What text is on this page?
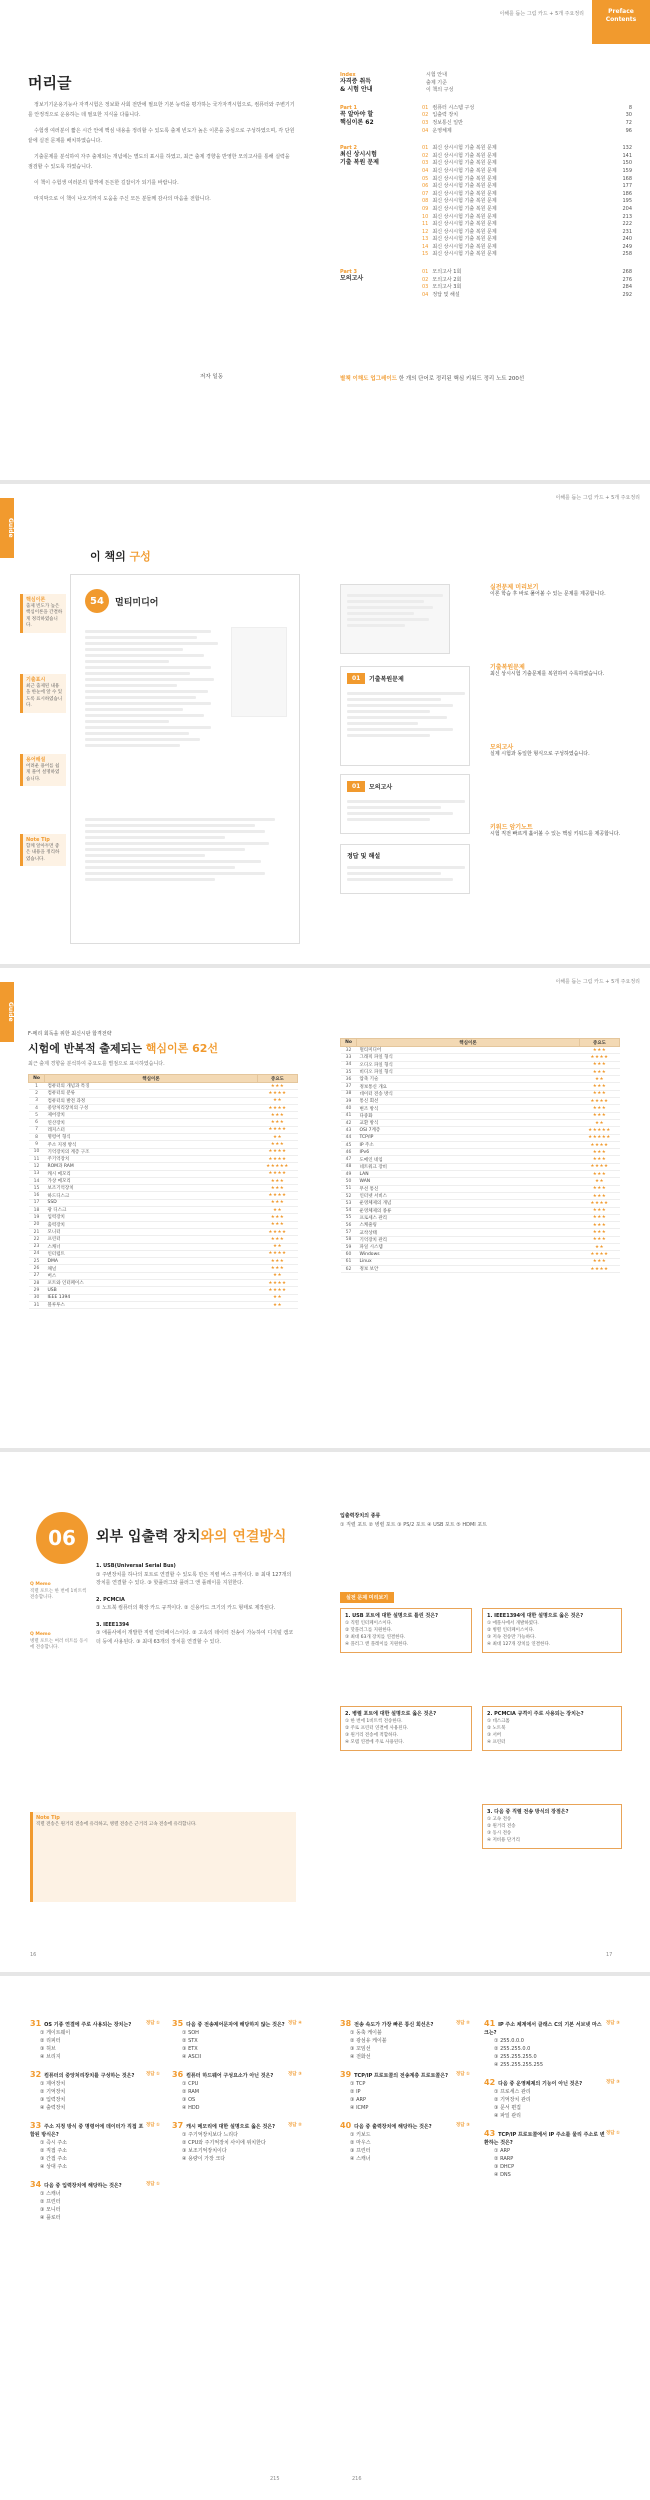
이해를 돕는 그림 카드 + 5개 주요정리	Preface
Contents
머리글

정보기기운용기능사 자격시험은 정보화 사회 전반에 필요한 기본 능력을 평가하는 국가자격시험으로, 컴퓨터와 주변기기를 안정적으로 운용하는 데 필요한 지식을 다룹니다.

수험생 여러분이 짧은 시간 안에 핵심 내용을 정리할 수 있도록 출제 빈도가 높은 이론을 중심으로 구성하였으며, 각 단원 끝에 실전 문제를 배치하였습니다.

기출문제를 분석하여 자주 출제되는 개념에는 별도의 표시를 하였고, 최근 출제 경향을 반영한 모의고사를 통해 실력을 점검할 수 있도록 하였습니다.

이 책이 수험생 여러분의 합격에 든든한 길잡이가 되기를 바랍니다.

마지막으로 이 책이 나오기까지 도움을 주신 모든 분들께 감사의 마음을 전합니다.

저자 일동
Index
자격증 취득
& 시험 안내
시험 안내
출제 기준
이 책의 구성
Part 1
꼭 알아야 할
핵심이론 62
01 컴퓨터 시스템 구성	8
02 입출력 장치	30
03 정보통신 일반	72
04 운영체제	96
Part 2
최신 상시시험
기출 복원 문제
01 최신 상시시험 기출 복원 문제	132
02 최신 상시시험 기출 복원 문제	141
03 최신 상시시험 기출 복원 문제	150
04 최신 상시시험 기출 복원 문제	159
05 최신 상시시험 기출 복원 문제	168
06 최신 상시시험 기출 복원 문제	177
07 최신 상시시험 기출 복원 문제	186
08 최신 상시시험 기출 복원 문제	195
09 최신 상시시험 기출 복원 문제	204
10 최신 상시시험 기출 복원 문제	213
11 최신 상시시험 기출 복원 문제	222
12 최신 상시시험 기출 복원 문제	231
13 최신 상시시험 기출 복원 문제	240
14 최신 상시시험 기출 복원 문제	249
15 최신 상시시험 기출 복원 문제	258
Part 3
모의고사
01 모의고사 1회	268
02 모의고사 2회	276
03 모의고사 3회	284
04 정답 및 해설	292
별책 이해도 업그레이드 한 개의 단어로 정리된 핵심 키워드 정리 노트 200선
Guide
이해를 돕는 그림 카드 + 5개 주요정리
이 책의 구성
54	멀티미디어
핵심이론
출제 빈도가 높은 핵심이론을 간결하게 정리하였습니다.
기출표시
최근 출제된 내용을 한눈에 알 수 있도록 표시하였습니다.
용어해설
어려운 용어를 쉽게 풀어 설명하였습니다.
Note Tip
함께 알아두면 좋은 내용을 정리하였습니다.
01	기출복원문제
01	모의고사
정답 및 해설
실전문제 미리보기
이론 학습 후 바로 풀어볼 수 있는 문제를 제공합니다.
기출복원문제
최신 상시시험 기출문제를 복원하여 수록하였습니다.
모의고사
실제 시험과 동일한 형식으로 구성하였습니다.
키워드 암기노트
시험 직전 빠르게 훑어볼 수 있는 핵심 키워드를 제공합니다.
Guide
이해를 돕는 그림 카드 + 5개 주요정리
F-메리 회독을 위한 최신시판 합격전략
시험에 반복적 출제되는 핵심이론 62선
최근 출제 경향을 분석하여 중요도를 별점으로 표시하였습니다.
No	핵심이론	중요도
1	컴퓨터의 개념과 특징	★★★
2	컴퓨터의 분류	★★★★
3	컴퓨터의 발전 과정	★★
4	중앙처리장치의 구성	★★★★
5	제어장치	★★★
6	연산장치	★★★
7	레지스터	★★★★
8	명령어 형식	★★
9	주소 지정 방식	★★★
10	기억장치의 계층 구조	★★★★
11	주기억장치	★★★★
12	ROM과 RAM	★★★★★
13	캐시 메모리	★★★★
14	가상 메모리	★★★
15	보조기억장치	★★★
16	하드디스크	★★★★
17	SSD	★★★
18	광 디스크	★★
19	입력장치	★★★
20	출력장치	★★★
21	모니터	★★★★
22	프린터	★★★
23	스캐너	★★
24	인터럽트	★★★★
25	DMA	★★★
26	채널	★★★
27	버스	★★
28	포트와 인터페이스	★★★★
29	USB	★★★★
30	IEEE 1394	★★
31	블루투스	★★
No	핵심이론	중요도
32	멀티미디어	★★★
33	그래픽 파일 형식	★★★★
34	오디오 파일 형식	★★★
35	비디오 파일 형식	★★★
36	압축 기술	★★
37	정보통신 개요	★★★
38	데이터 전송 방식	★★★
39	통신 회선	★★★★
40	변조 방식	★★★
41	다중화	★★★
42	교환 방식	★★
43	OSI 7계층	★★★★★
44	TCP/IP	★★★★★
45	IP 주소	★★★★
46	IPv6	★★★
47	도메인 네임	★★★
48	네트워크 장비	★★★★
49	LAN	★★★
50	WAN	★★
51	무선 통신	★★★
52	인터넷 서비스	★★★
53	운영체제의 개념	★★★★
54	운영체제의 종류	★★★
55	프로세스 관리	★★★
56	스케줄링	★★★
57	교착상태	★★★
58	기억장치 관리	★★★
59	파일 시스템	★★
60	Windows	★★★★
61	Linux	★★★
62	정보 보안	★★★★
06	외부 입출력 장치와의 연결방식
Q Memo
직렬 포트는 한 번에 1비트씩 전송합니다.
Q Memo
병렬 포트는 여러 비트를 동시에 전송합니다.
1. USB(Universal Serial Bus)
① 주변장치를 하나의 포트로 연결할 수 있도록 만든 직렬 버스 규격이다. ② 최대 127개의 장치를 연결할 수 있다. ③ 핫플러그와 플러그 앤 플레이를 지원한다.
2. PCMCIA
① 노트북 컴퓨터의 확장 카드 규격이다. ② 신용카드 크기의 카드 형태로 제작된다.
3. IEEE1394
① 애플사에서 개발한 직렬 인터페이스이다. ② 고속의 데이터 전송이 가능하여 디지털 캠코더 등에 사용된다. ③ 최대 63개의 장치를 연결할 수 있다.
Note Tip
직렬 전송은 원거리 전송에 유리하고, 병렬 전송은 근거리 고속 전송에 유리합니다.
입출력장치의 종류
① 직렬 포트 ② 병렬 포트 ③ PS/2 포트 ④ USB 포트 ⑤ HDMI 포트
실전 문제 미리보기
1. USB 포트에 대한 설명으로 틀린 것은?
① 직렬 인터페이스이다.
② 핫플러그를 지원한다.
③ 최대 63개 장치를 연결한다.
④ 플러그 앤 플레이를 지원한다.
2. 병렬 포트에 대한 설명으로 옳은 것은?
① 한 번에 1비트씩 전송한다.
② 주로 프린터 연결에 사용된다.
③ 원거리 전송에 적합하다.
④ 모뎀 연결에 주로 사용된다.
1. IEEE1394에 대한 설명으로 옳은 것은?
① 애플사에서 개발하였다.
② 병렬 인터페이스이다.
③ 저속 전송만 가능하다.
④ 최대 127개 장치를 연결한다.
2. PCMCIA 규격이 주로 사용되는 장치는?
① 데스크톱
② 노트북
③ 서버
④ 프린터
3. 다음 중 직렬 전송 방식의 장점은?
① 고속 전송
② 원거리 전송
③ 동시 전송
④ 저비용 단거리
16	17
정답 ①
31 OS 기종 연결에 주로 사용되는 장치는?
① 게이트웨이
② 리피터
③ 허브
④ 브리지
정답 ①
32 컴퓨터의 중앙처리장치를 구성하는 것은?
① 제어장치
② 기억장치
③ 입력장치
④ 출력장치
정답 ①
33 주소 지정 방식 중 명령어에 데이터가 직접 포함된 방식은?
① 즉시 주소
② 직접 주소
③ 간접 주소
④ 상대 주소
정답 ①
34 다음 중 입력장치에 해당하는 것은?
① 스캐너
② 프린터
③ 모니터
④ 플로터
정답 ④
35 다음 중 전송제어문자에 해당하지 않는 것은?
① SOH
② STX
③ ETX
④ ASCII
정답 ③
36 컴퓨터 하드웨어 구성요소가 아닌 것은?
① CPU
② RAM
③ OS
④ HDD
정답 ②
37 캐시 메모리에 대한 설명으로 옳은 것은?
① 주기억장치보다 느리다
② CPU와 주기억장치 사이에 위치한다
③ 보조기억장치이다
④ 용량이 가장 크다
정답 ②
38 전송 속도가 가장 빠른 통신 회선은?
① 동축 케이블
② 광섬유 케이블
③ 꼬임선
④ 전화선
정답 ①
39 TCP/IP 프로토콜의 전송계층 프로토콜은?
① TCP
② IP
③ ARP
④ ICMP
정답 ③
40 다음 중 출력장치에 해당하는 것은?
① 키보드
② 마우스
③ 프린터
④ 스캐너
정답 ③
41 IP 주소 체계에서 클래스 C의 기본 서브넷 마스크는?
① 255.0.0.0
② 255.255.0.0
③ 255.255.255.0
④ 255.255.255.255
정답 ③
42 다음 중 운영체제의 기능이 아닌 것은?
① 프로세스 관리
② 기억장치 관리
③ 문서 편집
④ 파일 관리
정답 ①
43 TCP/IP 프로토콜에서 IP 주소를 물리 주소로 변환하는 것은?
① ARP
② RARP
③ DHCP
④ DNS
215	216
